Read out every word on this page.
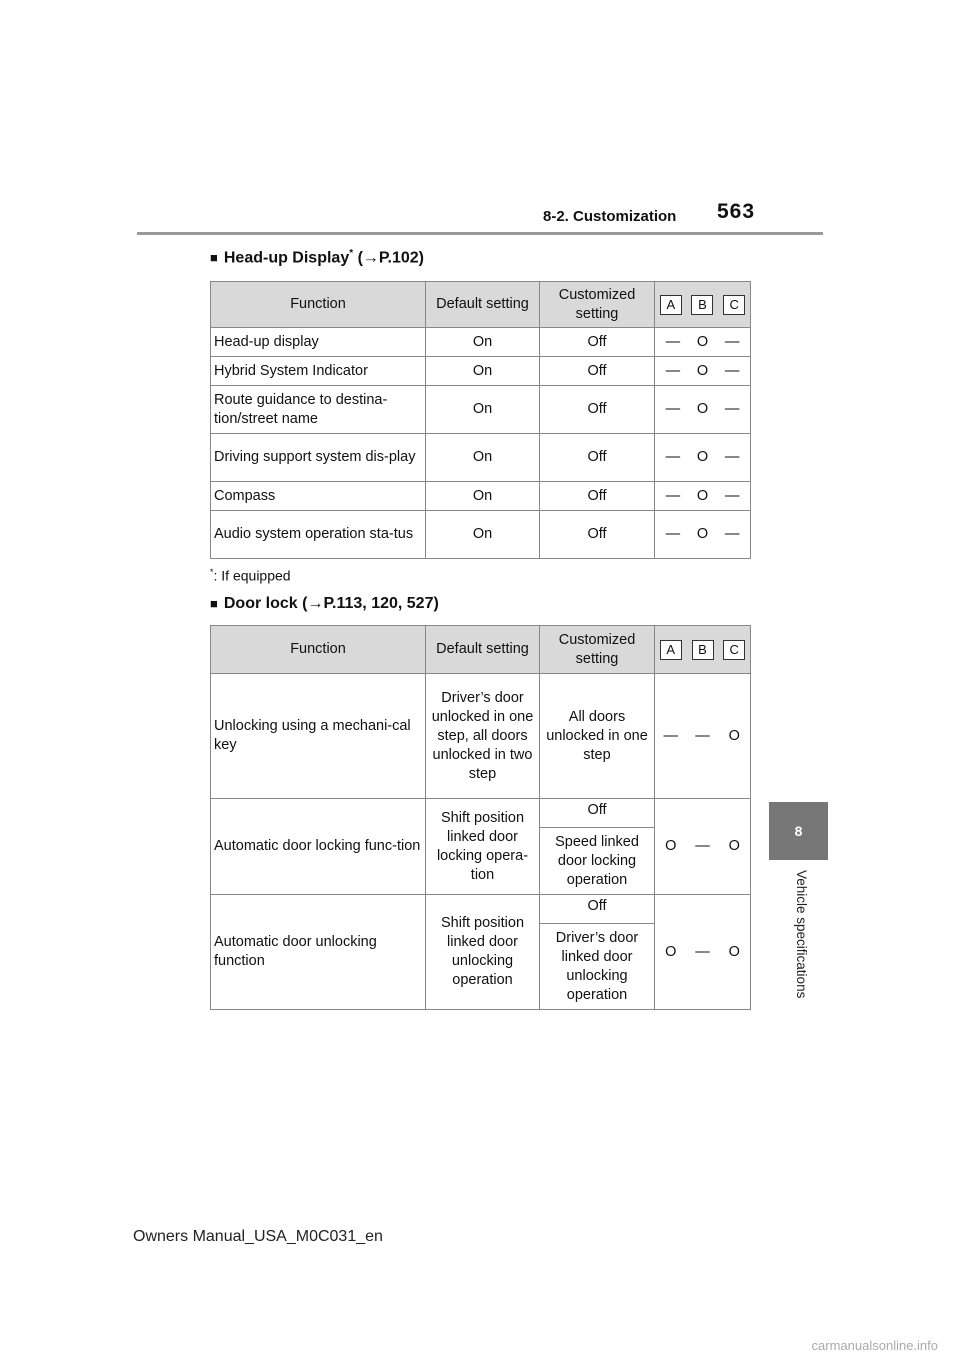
8-2. Customization 563
8
Vehicle specifications
■ Head-up Display* (→P.102)
Function	Default setting	Customized setting	A B C

Head-up display	On	Off	— O —

Hybrid System Indicator	On	Off	— O —

Route guidance to destina-tion/street name	On	Off	— O —

Driving support system dis-play	On	Off	— O —

Compass	On	Off	— O —

Audio system operation sta-tus	On	Off	— O —
*: If equipped
■ Door lock (→P.113, 120, 527)
Function	Default setting	Customized setting	A	B	C
Unlocking using a mechani-cal key	Driver’s door unlocked in one step, all doors unlocked in two step	All doors unlocked in one step	—	—	O
Automatic door locking func-tion	Shift position linked door locking opera-tion	Off	O	—	O
		Speed linked door locking operation			
Automatic door unlocking function	Shift position linked door unlocking operation	Off	O	—	O
		Driver’s door linked door unlocking operation			
Owners Manual_USA_M0C031_en
carmanualsonline.info
